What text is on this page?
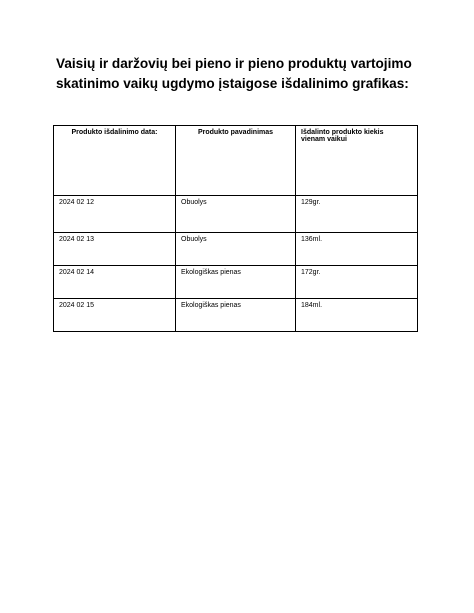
Vaisių ir daržovių bei pieno ir pieno produktų vartojimo
skatinimo vaikų ugdymo įstaigose išdalinimo grafikas:
Produkto išdalinimo data:	Produkto pavadinimas	Išdalinto produkto kiekis
vienam vaikui
2024 02 12	Obuolys	129gr.
2024 02 13	Obuolys	136ml.
2024 02 14	Ekologiškas pienas	172gr.
2024 02 15	Ekologiškas pienas	184ml.
